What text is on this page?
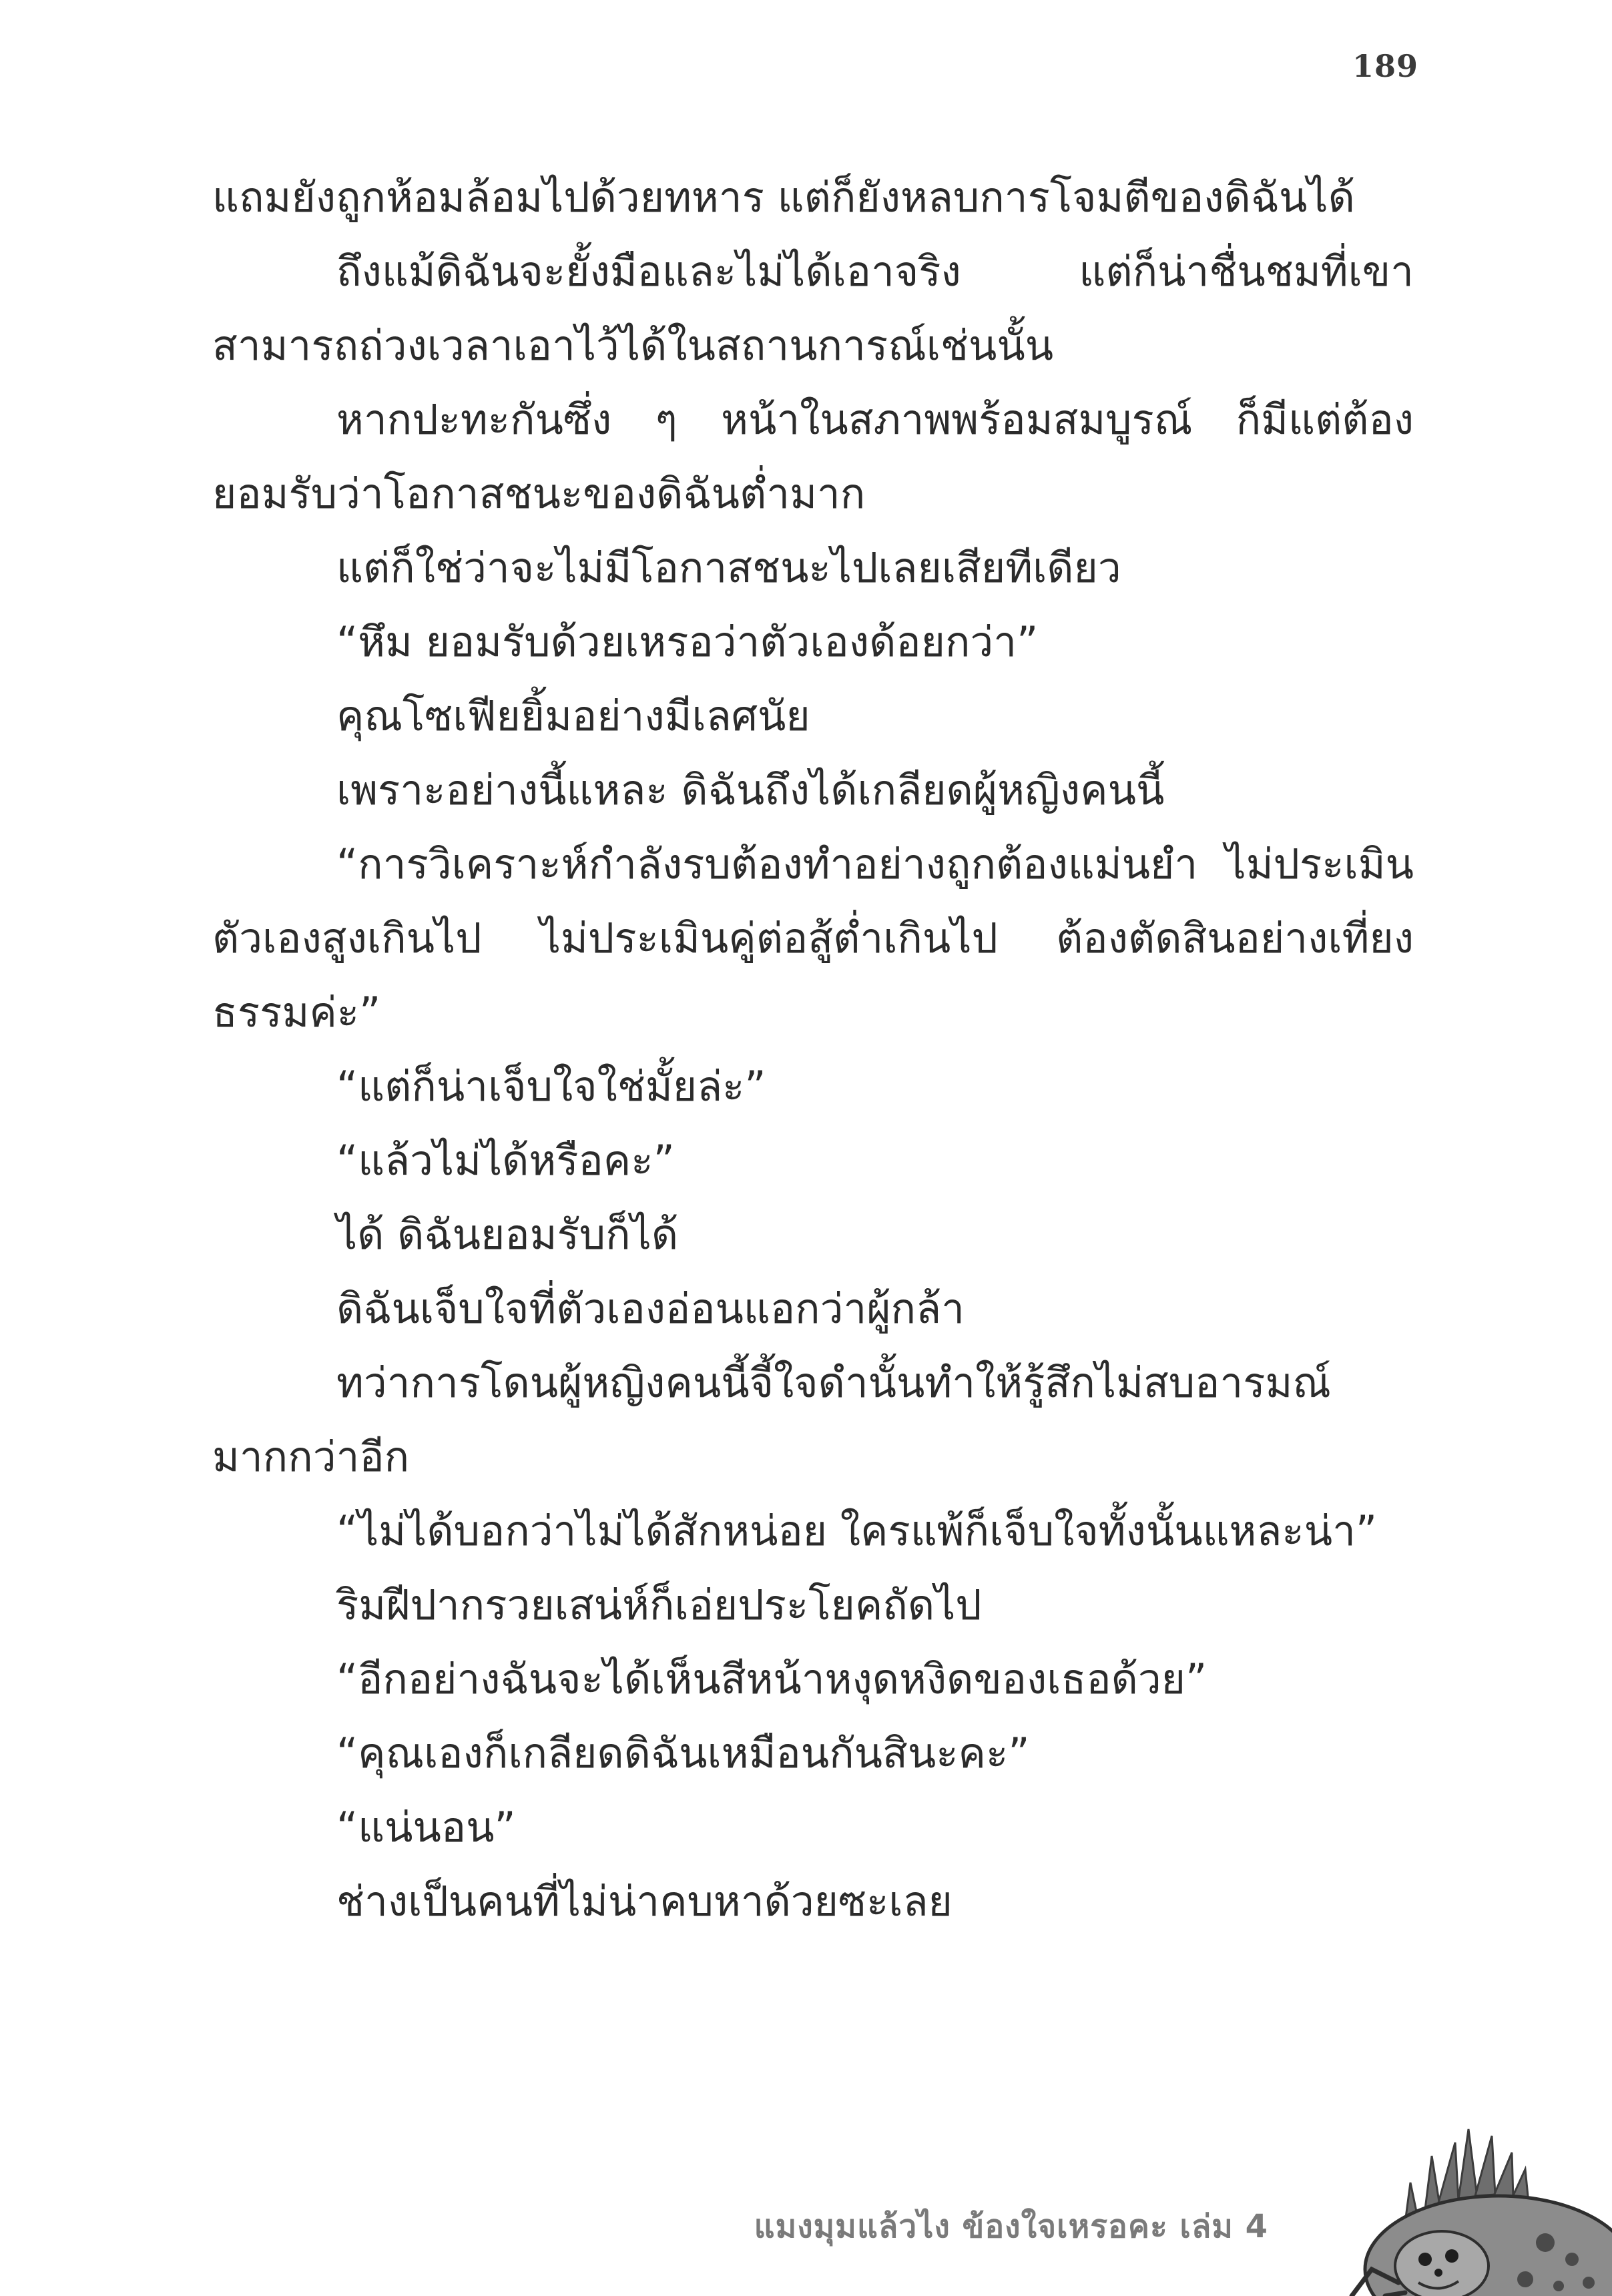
189

แถมยังถูกห้อมล้อมไปด้วยทหาร แต่ก็ยังหลบการโจมตีของดิฉันได้

ถึงแม้ดิฉันจะยั้งมือและไม่ได้เอาจริง แต่ก็น่าชื่นชมที่เขาสามารถถ่วงเวลาเอาไว้ได้ในสถานการณ์เช่นนั้น

หากปะทะกันซึ่ง ๆ หน้าในสภาพพร้อมสมบูรณ์ ก็มีแต่ต้องยอมรับว่าโอกาสชนะของดิฉันต่ำมาก

แต่ก็ใช่ว่าจะไม่มีโอกาสชนะไปเลยเสียทีเดียว

“หึม ยอมรับด้วยเหรอว่าตัวเองด้อยกว่า”

คุณโซเฟียยิ้มอย่างมีเลศนัย

เพราะอย่างนี้แหละ ดิฉันถึงได้เกลียดผู้หญิงคนนี้

“การวิเคราะห์กำลังรบต้องทำอย่างถูกต้องแม่นยำ ไม่ประเมินตัวเองสูงเกินไป ไม่ประเมินคู่ต่อสู้ต่ำเกินไป ต้องตัดสินอย่างเที่ยงธรรมค่ะ”

“แต่ก็น่าเจ็บใจใช่มั้ยล่ะ”

“แล้วไม่ได้หรือคะ”

ได้ ดิฉันยอมรับก็ได้

ดิฉันเจ็บใจที่ตัวเองอ่อนแอกว่าผู้กล้า

ทว่าการโดนผู้หญิงคนนี้จี้ใจดำนั้นทำให้รู้สึกไม่สบอารมณ์มากกว่าอีก

“ไม่ได้บอกว่าไม่ได้สักหน่อย ใครแพ้ก็เจ็บใจทั้งนั้นแหละน่า”

ริมฝีปากรวยเสน่ห์ก็เอ่ยประโยคถัดไป

“อีกอย่างฉันจะได้เห็นสีหน้าหงุดหงิดของเธอด้วย”

“คุณเองก็เกลียดดิฉันเหมือนกันสินะคะ”

“แน่นอน”

ช่างเป็นคนที่ไม่น่าคบหาด้วยซะเลย

แมงมุมแล้วไง ข้องใจเหรอคะ เล่ม 4
